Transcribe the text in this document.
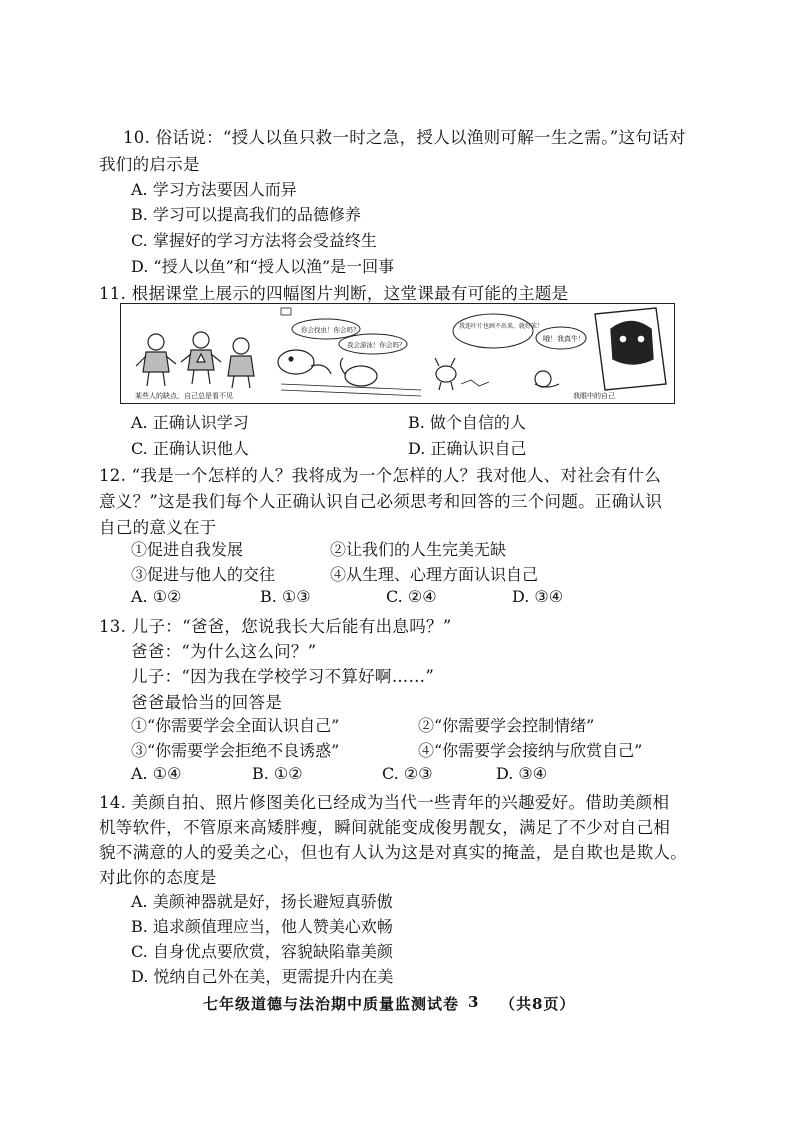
10. 俗话说：“授人以鱼只救一时之急，授人以渔则可解一生之需。”这句话对
我们的启示是
A. 学习方法要因人而异
B. 学习可以提高我们的品德修养
C. 掌握好的学习方法将会受益终生
D. “授人以鱼”和“授人以渔”是一回事
11. 根据课堂上展示的四幅图片判断，这堂课最有可能的主题是
某些人的缺点，自己总是看不见
你会找虫！你会吗？
我会游泳！你会吗？
我连叶片也画不出来，就好笨！
哦！我真牛！
我眼中的自己
A. 正确认识学习	B. 做个自信的人
C. 正确认识他人	D. 正确认识自己
12. “我是一个怎样的人？我将成为一个怎样的人？我对他人、对社会有什么
意义？”这是我们每个人正确认识自己必须思考和回答的三个问题。正确认识
自己的意义在于
①促进自我发展	②让我们的人生完美无缺
③促进与他人的交往	④从生理、心理方面认识自己
A. ①②	B. ①③	C. ②④	D. ③④
13. 儿子：“爸爸，您说我长大后能有出息吗？”
爸爸：“为什么这么问？”
儿子：“因为我在学校学习不算好啊……”
爸爸最恰当的回答是
①“你需要学会全面认识自己”	②“你需要学会控制情绪”
③“你需要学会拒绝不良诱惑”	④“你需要学会接纳与欣赏自己”
A. ①④	B. ①②	C. ②③	D. ③④
14. 美颜自拍、照片修图美化已经成为当代一些青年的兴趣爱好。借助美颜相
机等软件，不管原来高矮胖瘦，瞬间就能变成俊男靓女，满足了不少对自己相
貌不满意的人的爱美之心，但也有人认为这是对真实的掩盖，是自欺也是欺人。
对此你的态度是
A. 美颜神器就是好，扬长避短真骄傲
B. 追求颜值理应当，他人赞美心欢畅
C. 自身优点要欣赏，容貌缺陷靠美颜
D. 悦纳自己外在美，更需提升内在美
七年级道德与法治期中质量监测试卷 3 （共8页）
